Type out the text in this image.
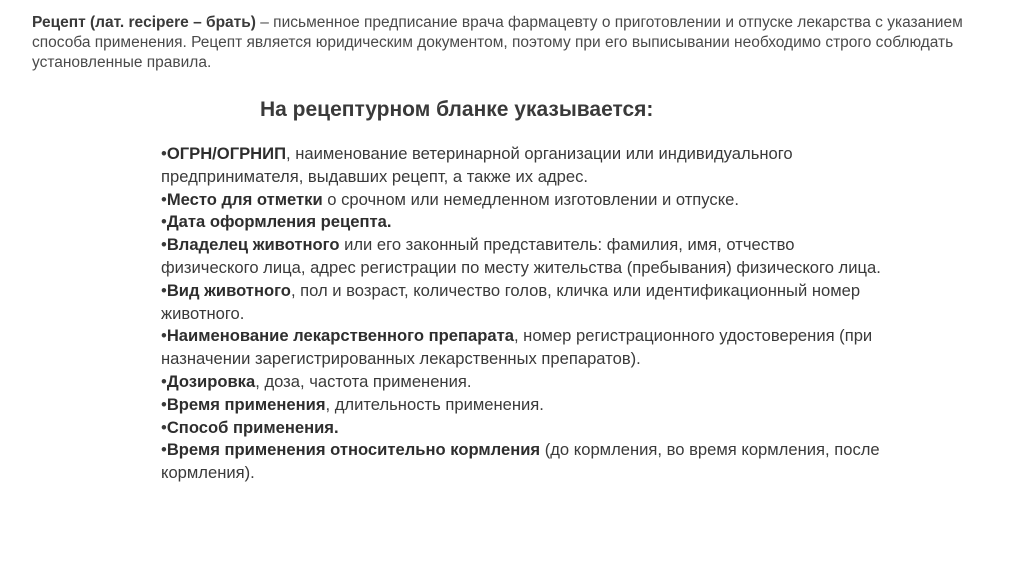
Рецепт (лат. recipere – брать) – письменное предписание врача фармацевту о приготовлении и отпуске лекарства с указанием способа применения. Рецепт является юридическим документом, поэтому при его выписывании необходимо строго соблюдать установленные правила.
На рецептурном бланке указывается:
•ОГРН/ОГРНИП, наименование ветеринарной организации или индивидуального предпринимателя, выдавших рецепт, а также их адрес.
•Место для отметки о срочном или немедленном изготовлении и отпуске.
•Дата оформления рецепта.
•Владелец животного или его законный представитель: фамилия, имя, отчество физического лица, адрес регистрации по месту жительства (пребывания) физического лица.
•Вид животного, пол и возраст, количество голов, кличка или идентификационный номер животного.
•Наименование лекарственного препарата, номер регистрационного удостоверения (при назначении зарегистрированных лекарственных препаратов).
•Дозировка, доза, частота применения.
•Время применения, длительность применения.
•Способ применения.
•Время применения относительно кормления (до кормления, во время кормления, после кормления).
